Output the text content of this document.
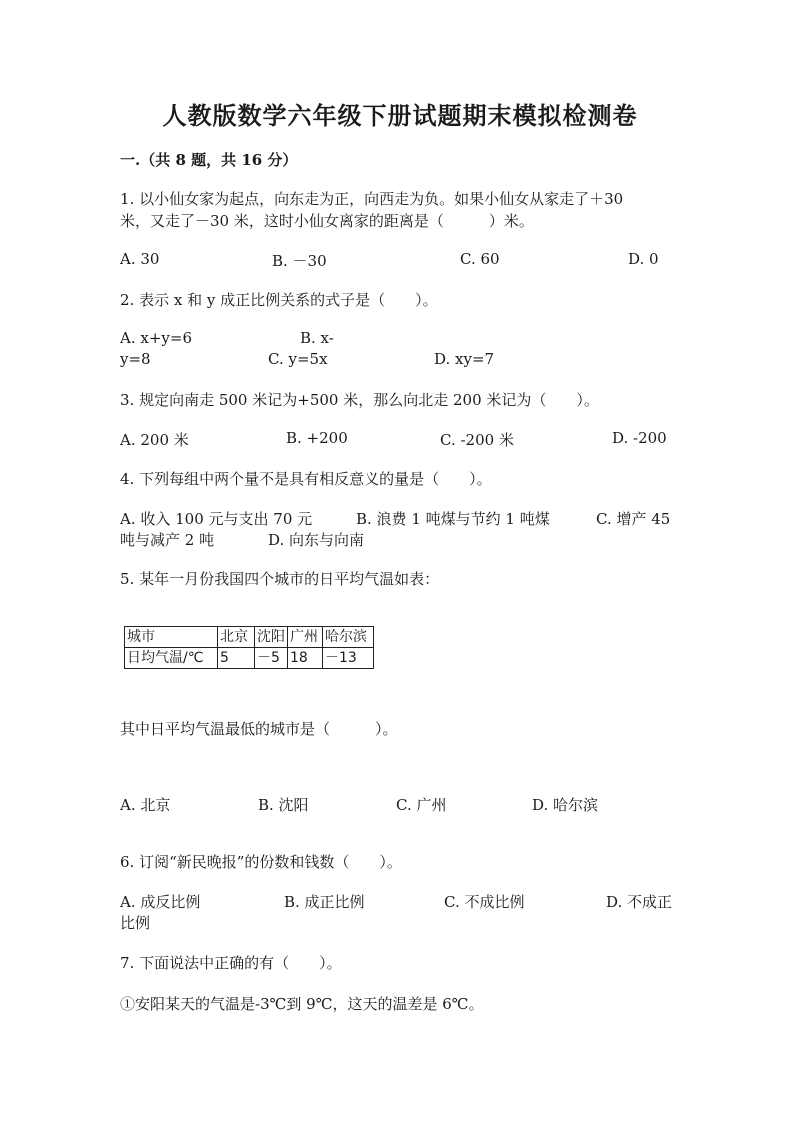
人教版数学六年级下册试题期末模拟检测卷
一.（共 8 题，共 16 分）
1. 以小仙女家为起点，向东走为正，向西走为负。如果小仙女从家走了＋30
米，又走了－30 米，这时小仙女离家的距离是（　　　）米。
A. 30	B. －30	C. 60	D. 0
2. 表示 x 和 y 成正比例关系的式子是（　　）。
A. x+y=6	B. x-
y=8	C. y=5x	D. xy=7
3. 规定向南走 500 米记为+500 米，那么向北走 200 米记为（　　）。
A. 200 米	B. +200	C. -200 米	D. -200
4. 下列每组中两个量不是具有相反意义的量是（　　）。
A. 收入 100 元与支出 70 元	B. 浪费 1 吨煤与节约 1 吨煤	C. 增产 45
吨与减产 2 吨	D. 向东与向南
5. 某年一月份我国四个城市的日平均气温如表：
城市	北京	沈阳	广州	哈尔滨
日均气温/℃	5	－5	18	－13
其中日平均气温最低的城市是（　　　）。
A. 北京	B. 沈阳	C. 广州	D. 哈尔滨
6. 订阅“新民晚报”的份数和钱数（　　）。
A. 成反比例	B. 成正比例	C. 不成比例	D. 不成正
比例
7. 下面说法中正确的有（　　）。
①安阳某天的气温是-3℃到 9℃，这天的温差是 6℃。
